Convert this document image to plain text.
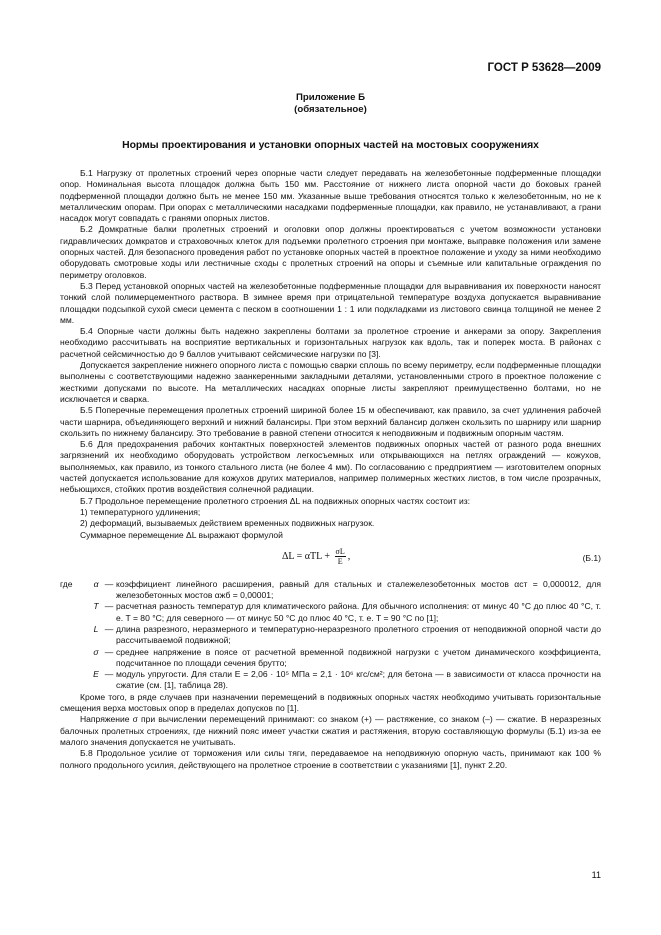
ГОСТ Р 53628—2009
Приложение Б
(обязательное)
Нормы проектирования и установки опорных частей на мостовых сооружениях

Б.1 Нагрузку от пролетных строений через опорные части следует передавать на железобетонные подферменные площадки опор. Номинальная высота площадок должна быть 150 мм. Расстояние от нижнего листа опорной части до боковых граней подферменной площадки должно быть не менее 150 мм. Указанные выше требования относятся только к железобетонным, но не к металлическим опорам. При опорах с металлическими насадками подферменные площадки, как правило, не устанавливают, а грани насадок могут совпадать с гранями опорных листов.

Б.2 Домкратные балки пролетных строений и оголовки опор должны проектироваться с учетом возможности установки гидравлических домкратов и страховочных клеток для подъемки пролетного строения при монтаже, выправке положения или замене опорных частей. Для безопасного проведения работ по установке опорных частей в проектное положение и уходу за ними необходимо оборудовать смотровые ходы или лестничные сходы с пролетных строений на опоры и съемные или капитальные ограждения по периметру оголовков.

Б.3 Перед установкой опорных частей на железобетонные подферменные площадки для выравнивания их поверхности наносят тонкий слой полимерцементного раствора. В зимнее время при отрицательной температуре воздуха допускается выравнивание площадки подсыпкой сухой смеси цемента с песком в соотношении 1 : 1 или подкладками из листового свинца толщиной не менее 2 мм.

Б.4 Опорные части должны быть надежно закреплены болтами за пролетное строение и анкерами за опору. Закрепления необходимо рассчитывать на восприятие вертикальных и горизонтальных нагрузок как вдоль, так и поперек моста. В районах с расчетной сейсмичностью до 9 баллов учитывают сейсмические нагрузки по [3].

Допускается закрепление нижнего опорного листа с помощью сварки сплошь по всему периметру, если подферменные площадки выполнены с соответствующими надежно заанкеренными закладными деталями, установленными строго в проектное положение с жесткими допусками по высоте. На металлических насадках опорные листы закрепляют преимущественно болтами, но не исключается и сварка.

Б.5 Поперечные перемещения пролетных строений шириной более 15 м обеспечивают, как правило, за счет удлинения рабочей части шарнира, объединяющего верхний и нижний балансиры. При этом верхний балансир должен скользить по шарниру или шарнир скользить по нижнему балансиру. Это требование в равной степени относится к неподвижным и подвижным опорным частям.

Б.6 Для предохранения рабочих контактных поверхностей элементов подвижных опорных частей от разного рода внешних загрязнений их необходимо оборудовать устройством легкосъемных или открывающихся на петлях ограждений — кожухов, выполняемых, как правило, из тонкого стального листа (не более 4 мм). По согласованию с предприятием — изготовителем опорных частей допускается использование для кожухов других материалов, например полимерных жестких листов, в том числе прозрачных, небьющихся, стойких против воздействия солнечной радиации.

Б.7 Продольное перемещение пролетного строения ΔL на подвижных опорных частях состоит из:

1) температурного удлинения;

2) деформаций, вызываемых действием временных подвижных нагрузок.

Суммарное перемещение ΔL выражают формулой

$\Delta L = \alpha TL + \frac{\sigma L}{E}$ ,	(Б.1)
где	α — коэффициент линейного расширения, равный для стальных и сталежелезобетонных мостов αст = 0,000012, для железобетонных мостов αжб = 0,00001;
T — расчетная разность температур для климатического района. Для обычного исполнения: от минус 40 °С до плюс 40 °С, т. е. T = 80 °С; для северного — от минус 50 °С до плюс 40 °С, т. е. T = 90 °С по [1];
L — длина разрезного, неразмерного и температурно-неразрезного пролетного строения от неподвижной опорной части до рассчитываемой подвижной;
σ — среднее напряжение в поясе от расчетной временной подвижной нагрузки с учетом динамического коэффициента, подсчитанное по площади сечения брутто;
E — модуль упругости. Для стали E = 2,06 · 10⁵ МПа = 2,1 · 10⁶ кгс/см²; для бетона — в зависимости от класса прочности на сжатие (см. [1], таблица 28).

Кроме того, в ряде случаев при назначении перемещений в подвижных опорных частях необходимо учитывать горизонтальные смещения верха мостовых опор в пределах допусков по [1].

Напряжение σ при вычислении перемещений принимают: со знаком (+) — растяжение, со знаком (–) — сжатие. В неразрезных балочных пролетных строениях, где нижний пояс имеет участки сжатия и растяжения, вторую составляющую формулы (Б.1) из-за ее малого значения допускается не учитывать.

Б.8 Продольное усилие от торможения или силы тяги, передаваемое на неподвижную опорную часть, принимают как 100 % полного продольного усилия, действующего на пролетное строение в соответствии с указаниями [1], пункт 2.20.

11
